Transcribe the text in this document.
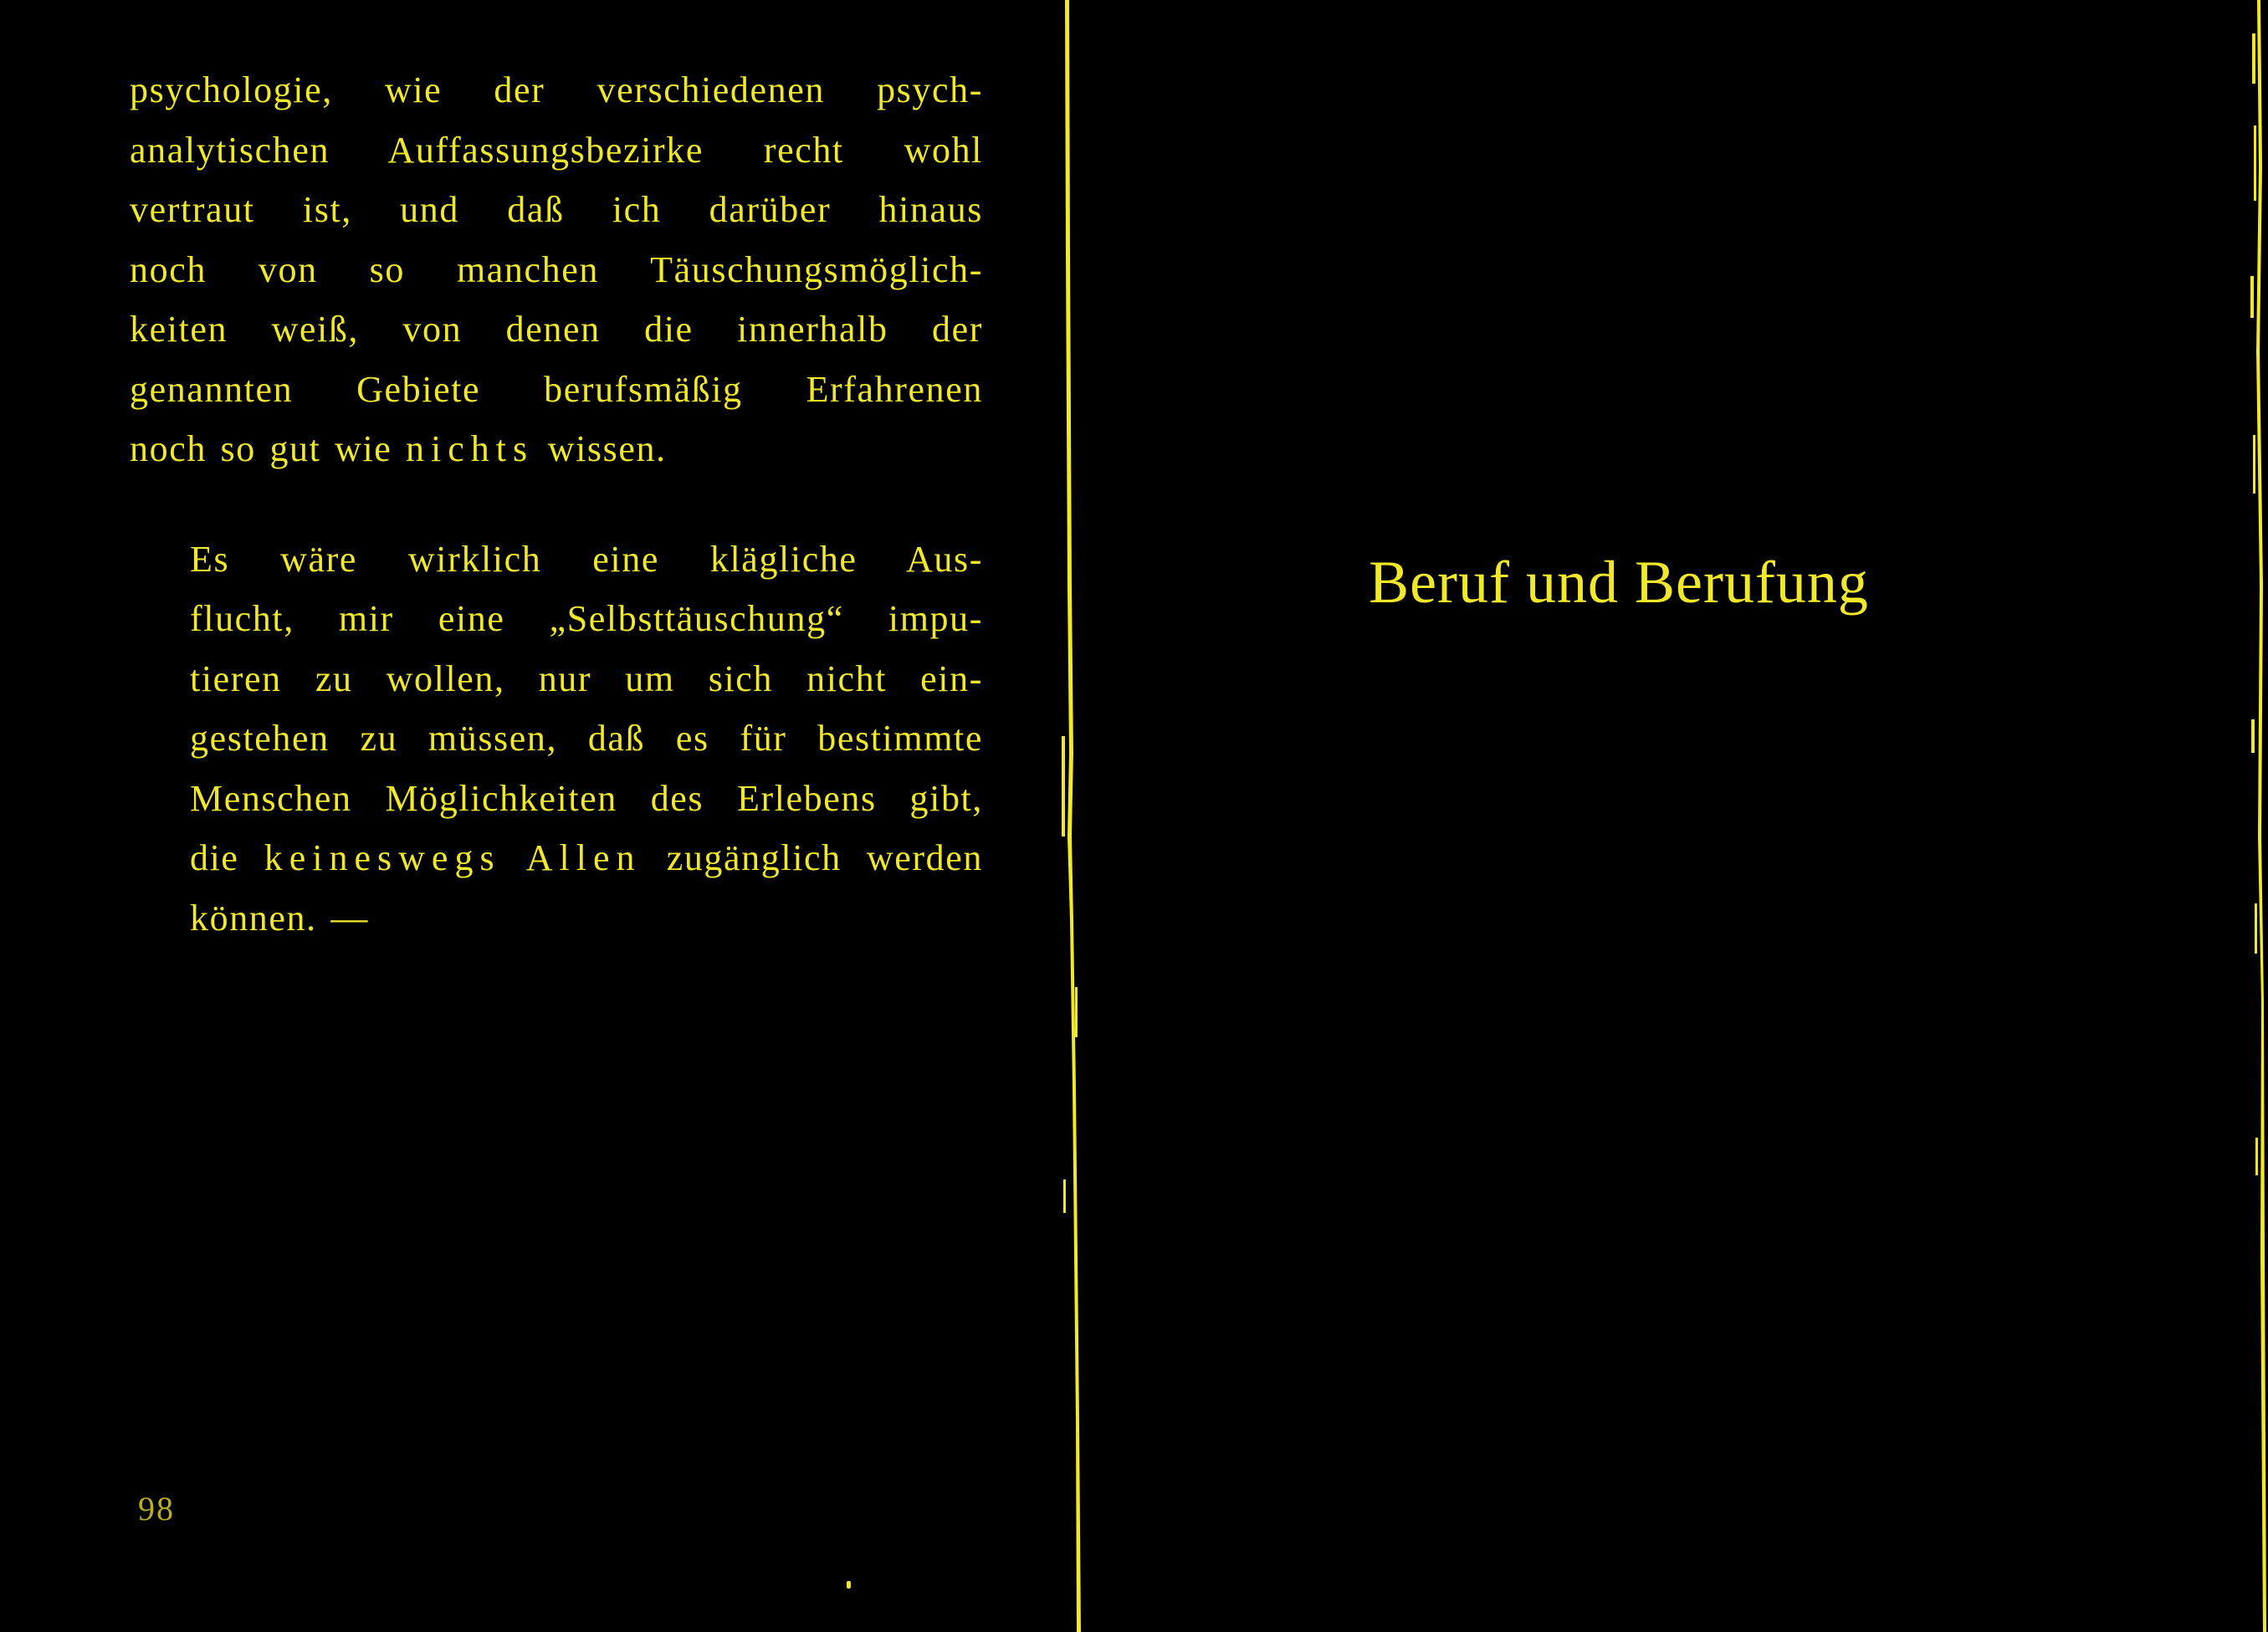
psychologie, wie der verschiedenen psych-
analytischen Auffassungsbezirke recht wohl
vertraut ist, und daß ich darüber hinaus
noch von so manchen Täuschungsmöglich-
keiten weiß, von denen die innerhalb der
genannten Gebiete berufsmäßig Erfahrenen
noch so gut wie nichts wissen.

Es wäre wirklich eine klägliche Aus-
flucht, mir eine „Selbsttäuschung“ impu-
tieren zu wollen, nur um sich nicht ein-
gestehen zu müssen, daß es für bestimmte
Menschen Möglichkeiten des Erlebens gibt,
die keineswegs Allen zugänglich werden
können. —

98
Beruf und Berufung
